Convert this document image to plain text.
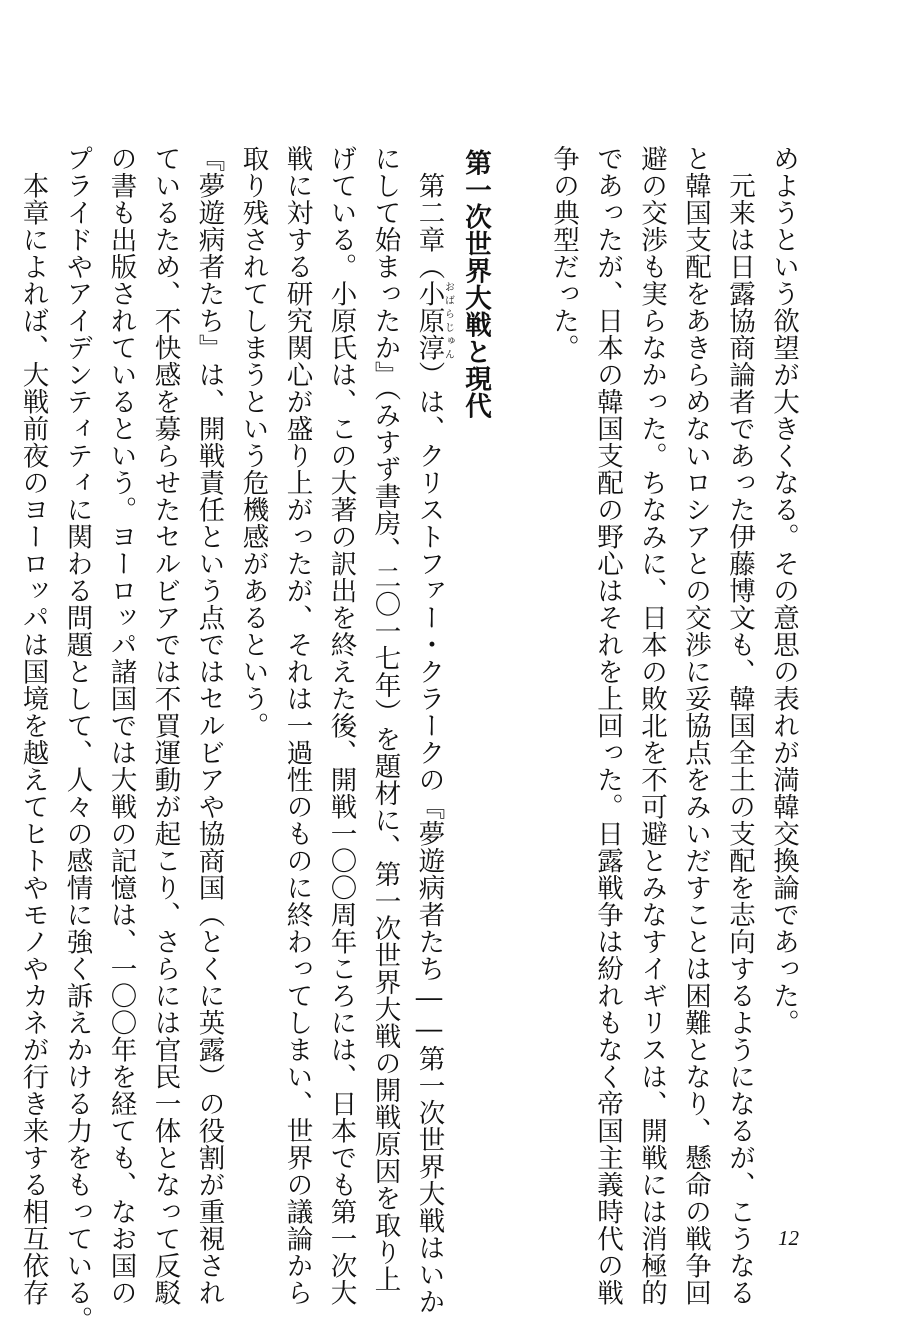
めようという欲望が大きくなる。その意思の表れが満韓交換論であった。
　元来は日露協商論者であった伊藤博文も、韓国全土の支配を志向するようになるが、こうなる
と韓国支配をあきらめないロシアとの交渉に妥協点をみいだすことは困難となり、懸命の戦争回
避の交渉も実らなかった。ちなみに、日本の敗北を不可避とみなすイギリスは、開戦には消極的
であったが、日本の韓国支配の野心はそれを上回った。日露戦争は紛れもなく帝国主義時代の戦
争の典型だった。
第一次世界大戦と現代
　第二章（小原淳おばらじゅん）は、クリストファー・クラークの『夢遊病者たち――第一次世界大戦はいか
にして始まったか』（みすず書房、二〇一七年）を題材に、第一次世界大戦の開戦原因を取り上
げている。小原氏は、この大著の訳出を終えた後、開戦一〇〇周年ころには、日本でも第一次大
戦に対する研究関心が盛り上がったが、それは一過性のものに終わってしまい、世界の議論から
取り残されてしまうという危機感があるという。
『夢遊病者たち』は、開戦責任という点ではセルビアや協商国（とくに英露）の役割が重視され
ているため、不快感を募らせたセルビアでは不買運動が起こり、さらには官民一体となって反駁
の書も出版されているという。ヨーロッパ諸国では大戦の記憶は、一〇〇年を経ても、なお国の
プライドやアイデンティティに関わる問題として、人々の感情に強く訴えかける力をもっている。
　本章によれば、大戦前夜のヨーロッパは国境を越えてヒトやモノやカネが行き来する相互依存	12
